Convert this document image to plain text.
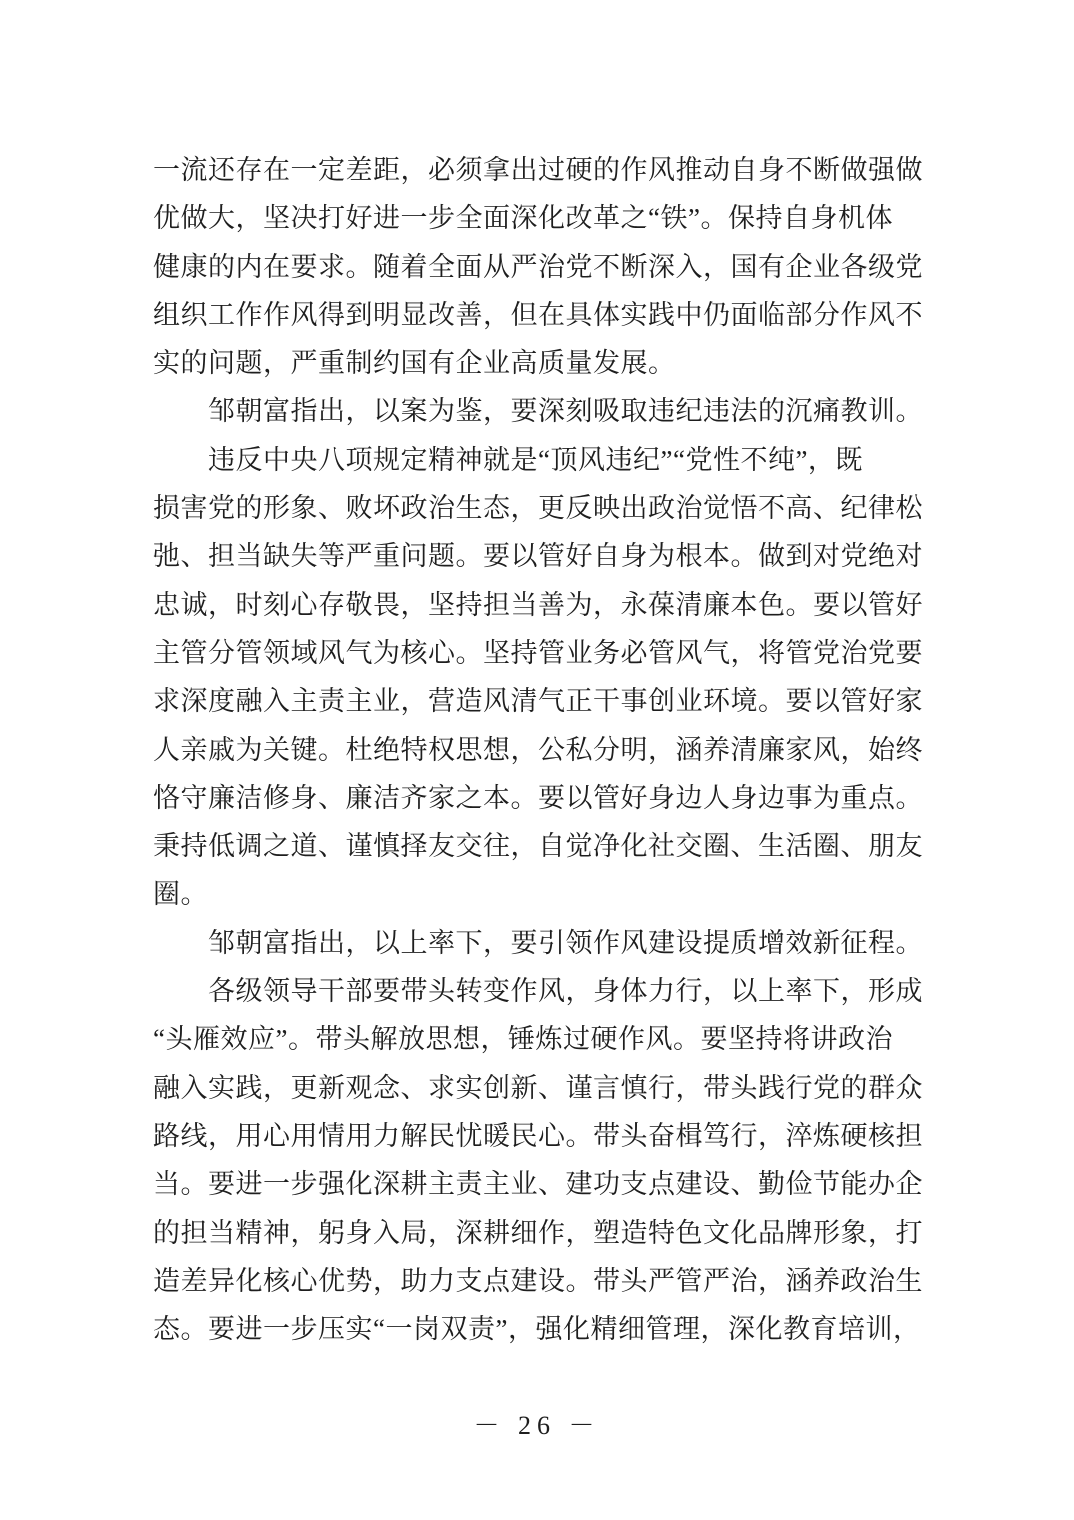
一流还存在一定差距，必须拿出过硬的作风推动自身不断做强做
优做大，坚决打好进一步全面深化改革之“铁”。保持自身机体
健康的内在要求。随着全面从严治党不断深入，国有企业各级党
组织工作作风得到明显改善，但在具体实践中仍面临部分作风不
实的问题，严重制约国有企业高质量发展。
邹朝富指出，以案为鉴，要深刻吸取违纪违法的沉痛教训。
违反中央八项规定精神就是“顶风违纪”“党性不纯”，既
损害党的形象、败坏政治生态，更反映出政治觉悟不高、纪律松
弛、担当缺失等严重问题。要以管好自身为根本。做到对党绝对
忠诚，时刻心存敬畏，坚持担当善为，永葆清廉本色。要以管好
主管分管领域风气为核心。坚持管业务必管风气，将管党治党要
求深度融入主责主业，营造风清气正干事创业环境。要以管好家
人亲戚为关键。杜绝特权思想，公私分明，涵养清廉家风，始终
恪守廉洁修身、廉洁齐家之本。要以管好身边人身边事为重点。
秉持低调之道、谨慎择友交往，自觉净化社交圈、生活圈、朋友
圈。
邹朝富指出，以上率下，要引领作风建设提质增效新征程。
各级领导干部要带头转变作风，身体力行，以上率下，形成
“头雁效应”。带头解放思想，锤炼过硬作风。要坚持将讲政治
融入实践，更新观念、求实创新、谨言慎行，带头践行党的群众
路线，用心用情用力解民忧暖民心。带头奋楫笃行，淬炼硬核担
当。要进一步强化深耕主责主业、建功支点建设、勤俭节能办企
的担当精神，躬身入局，深耕细作，塑造特色文化品牌形象，打
造差异化核心优势，助力支点建设。带头严管严治，涵养政治生
态。要进一步压实“一岗双责”，强化精细管理，深化教育培训，
－ 26 －
